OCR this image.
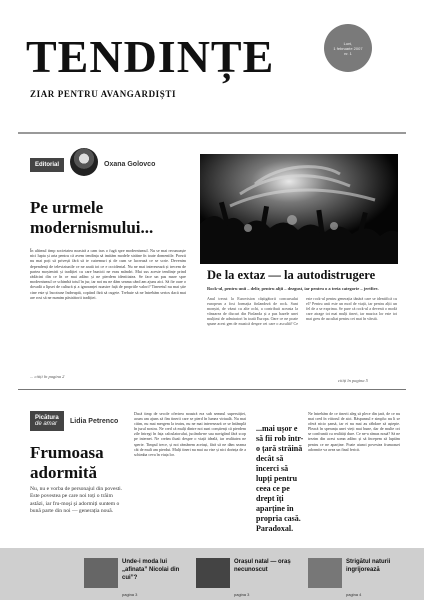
TENDINȚE
ZIAR PENTRU AVANGARDIȘTI
Luni,
1 februarie 2007
nr. 1
Editorial	Oxana Golovco
Pe urmele modernismului...
În ultimul timp societatea noastră a cam tras o fugă spre modernismul. Nu se mai recunoaște nici lupta și arta pentru că avem tendința să imităm modele străine în toate domeniile. Poezii nu mai poți să privești fără să te cutremuri și de cum se lucrează ce se scrie. Devenim dependenți de televiziunile ce ne arată tot ce e occidental. Nu ne mai interesează și trecem de partea moștenirii și tradiției cu care bunicii ne erau mândri. Mai sus aceste tendințe prind rădăcini din ce în ce mai adânc și ne pierdem identitatea. Se face un pas mare spre modernismul ce schimbă totul în jur, iar noi nu ne dăm seama când am ajuns aici. Să fie oare o dovadă a lipsei de cultură și a ignoranței noastre față de propriile valori? Tineretul nu mai știe cine este și încotrase îndreaptă, copiind fără să cugete. Trebuie să ne întrebăm serios dacă mai are rost să ne numim păstrătorii tradiției.
... citiți în pagina 2
De la extaz — la autodistrugere
Rock-ul, pentru unii – delir, pentru alții – dezgust, iar pentru o a treia categorie – jertfire.
Anul trecut la Eurovision câștigătorii concursului european a fost formația finlandeză de rock. Sunt monștri, de văzut cu alte ochi, a contribuit aceasta la vânzarea de discuri din Finlanda și a pus bazele unei mulțimi de admiratori în toată Europa. Oare ce ne poate spune acest gen de muzică despre cei care o ascultă? Ce este rock-ul pentru generația tânără care se identifică cu el? Pentru unii este un mod de viață, iar pentru alții un fel de a se exprima. Se pare că rock-ul a devenit o modă care atrage tot mai mulți tineri, iar muzica lor este tot mai greu de ascultat pentru cei mai în vârstă.
citiți în pagina 5
Picătura
de amar Lidia Petrenco
Frumoasa adormită
Nu, nu e vorba de personajul din povesti. Este povestea pe care noi toți o trăim astăzi, iar fru-moşi şi adormiți suntem o bună parte din noi — generația nouă.
Dacă timp de secole oferirea noastră era sub semnul superstiției, acum am ajuns să fim tinerii care se pierd în lumea virtuală. Nu mai citim, nu mai mergem la teatru, nu ne mai interesează ce se întâmplă în jurul nostru. Ne cred că mulți dintre noi sunt conștienți că pierdem zile întregi în fața calculatorului, jucându-ne sau navigând fără scop pe internet. Ne creăm iluzii despre o viață ideală, iar realitatea ne sperie. Timpul trece, și noi rămânem aceiași, fără să ne dăm seama cât de mult am pierdut. Mulți tineri nu mai au vise și nici dorința de a schimba ceva în viața lor.
...mai ușor e să fii rob într-o țară străină decât să încerci să lupți pentru ceea ce pe drept îți aparține în propria casă. Paradoxal.
Ne întrebăm de ce tinerii aleg să plece din țară, de ce nu mai cred în viitorul de aici. Răspunsul e simplu: nu li se oferă nicio șansă, iar ei nu mai au răbdare să aștepte. Pleacă în speranța unei vieți mai bune, dar de multe ori se confruntă cu realități dure. Ce ne-a rămas nouă? Să ne trezim din acest somn adânc și să începem să luptăm pentru ce ne aparține. Poate atunci povestea frumoasei adormite va avea un final fericit.
Unde-i moda lui „afinata” Nicolai din cui”?
pagina 3
Orașul natal — oraș necunoscut
pagina 3
Strigătul naturii ingrijorează
pagina 4
